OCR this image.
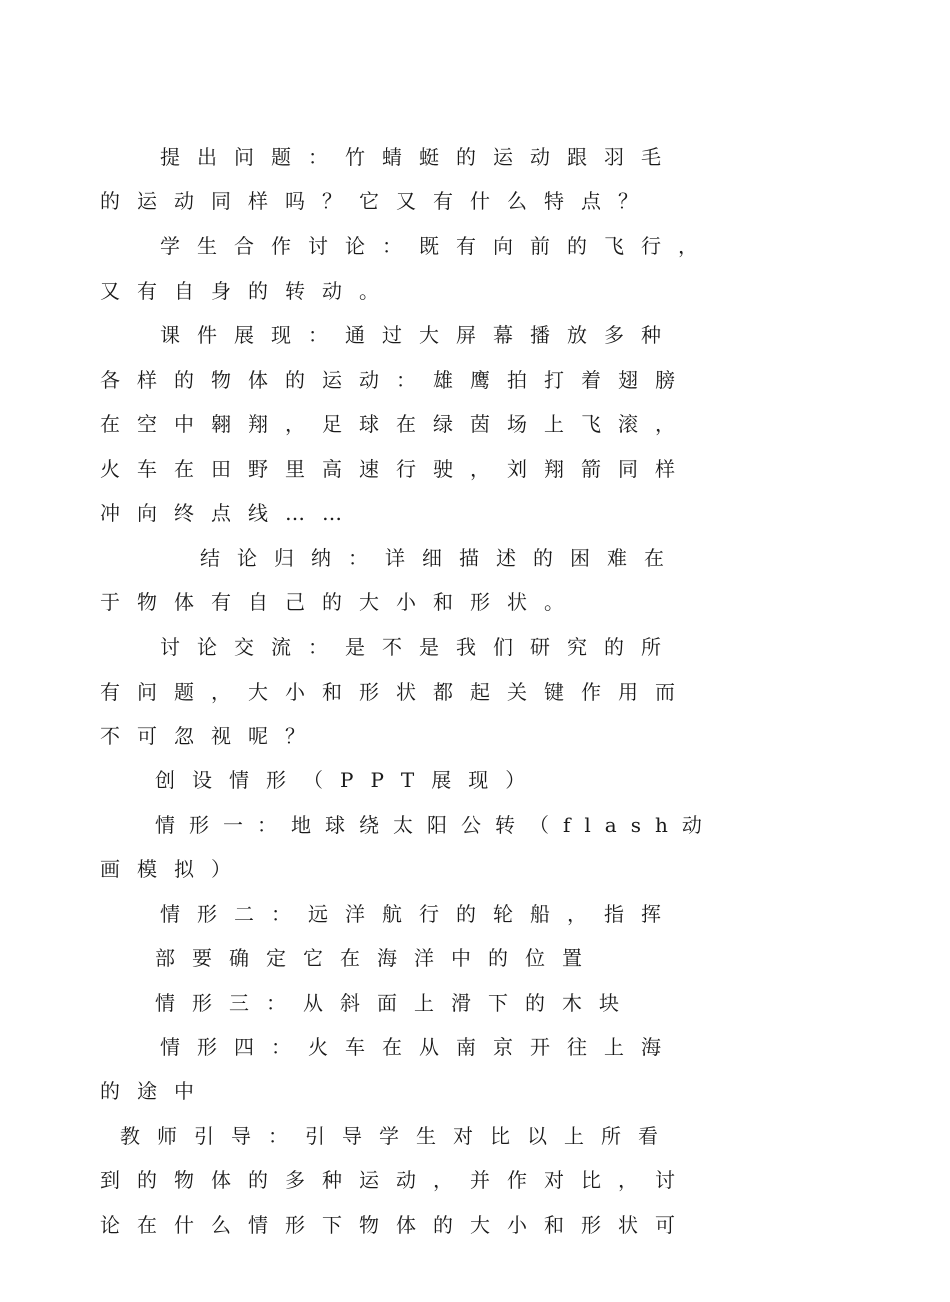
提出问题：竹蜻蜓的运动跟羽毛
的运动同样吗？它又有什么特点？
学生合作讨论：既有向前的飞行，
又有自身的转动。
课件展现：通过大屏幕播放多种
各样的物体的运动：雄鹰拍打着翅膀
在空中翱翔，足球在绿茵场上飞滚，
火车在田野里高速行驶，刘翔箭同样
冲向终点线……
结论归纳：详细描述的困难在
于物体有自己的大小和形状。
讨论交流：是不是我们研究的所
有问题，大小和形状都起关键作用而
不可忽视呢？
创设情形（PPT展现）
情形一：地球绕太阳公转（flash动
画模拟）
情形二：远洋航行的轮船，指挥
部要确定它在海洋中的位置
情形三：从斜面上滑下的木块
情形四：火车在从南京开往上海
的途中
教师引导：引导学生对比以上所看
到的物体的多种运动，并作对比，讨
论在什么情形下物体的大小和形状可
